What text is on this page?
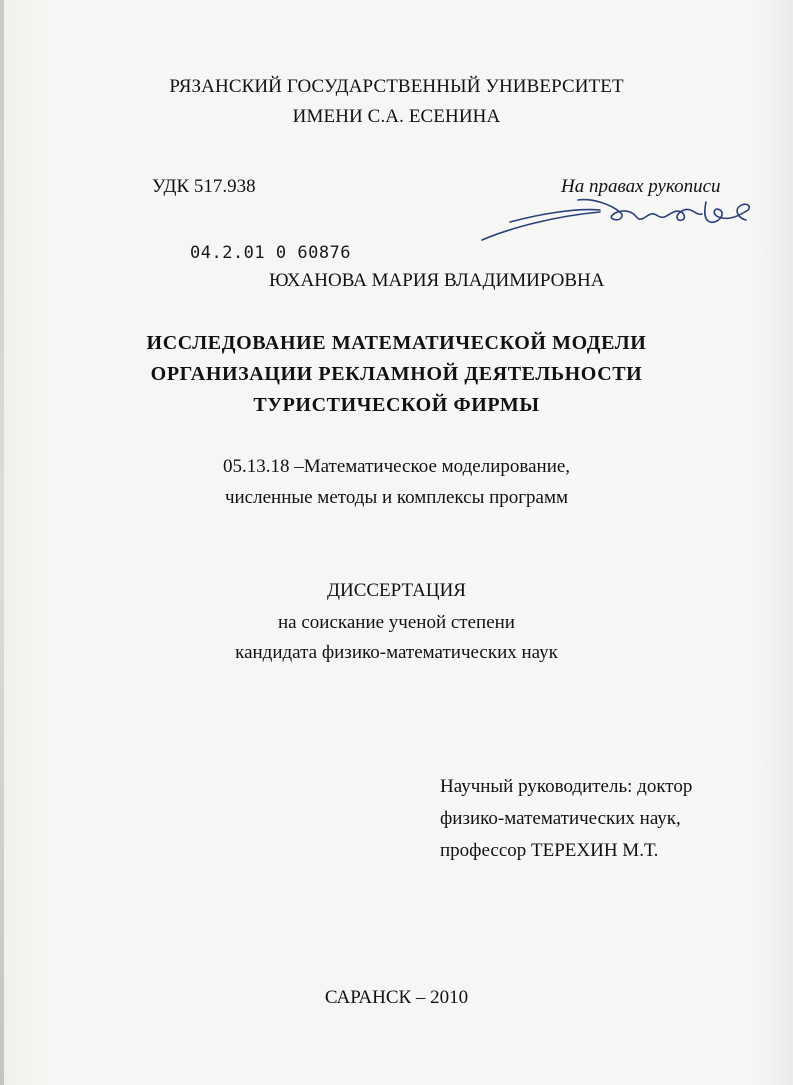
РЯЗАНСКИЙ ГОСУДАРСТВЕННЫЙ УНИВЕРСИТЕТ
ИМЕНИ С.А. ЕСЕНИНА
УДК 517.938	На правах рукописи
04.2.01 0 60876
ЮХАНОВА МАРИЯ ВЛАДИМИРОВНА
ИССЛЕДОВАНИЕ МАТЕМАТИЧЕСКОЙ МОДЕЛИ
ОРГАНИЗАЦИИ РЕКЛАМНОЙ ДЕЯТЕЛЬНОСТИ
ТУРИСТИЧЕСКОЙ ФИРМЫ
05.13.18 –Математическое моделирование,
численные методы и комплексы программ
ДИССЕРТАЦИЯ
на соискание ученой степени
кандидата физико-математических наук
Научный руководитель: доктор
физико-математических наук,
профессор ТЕРЕХИН М.Т.
САРАНСК – 2010
